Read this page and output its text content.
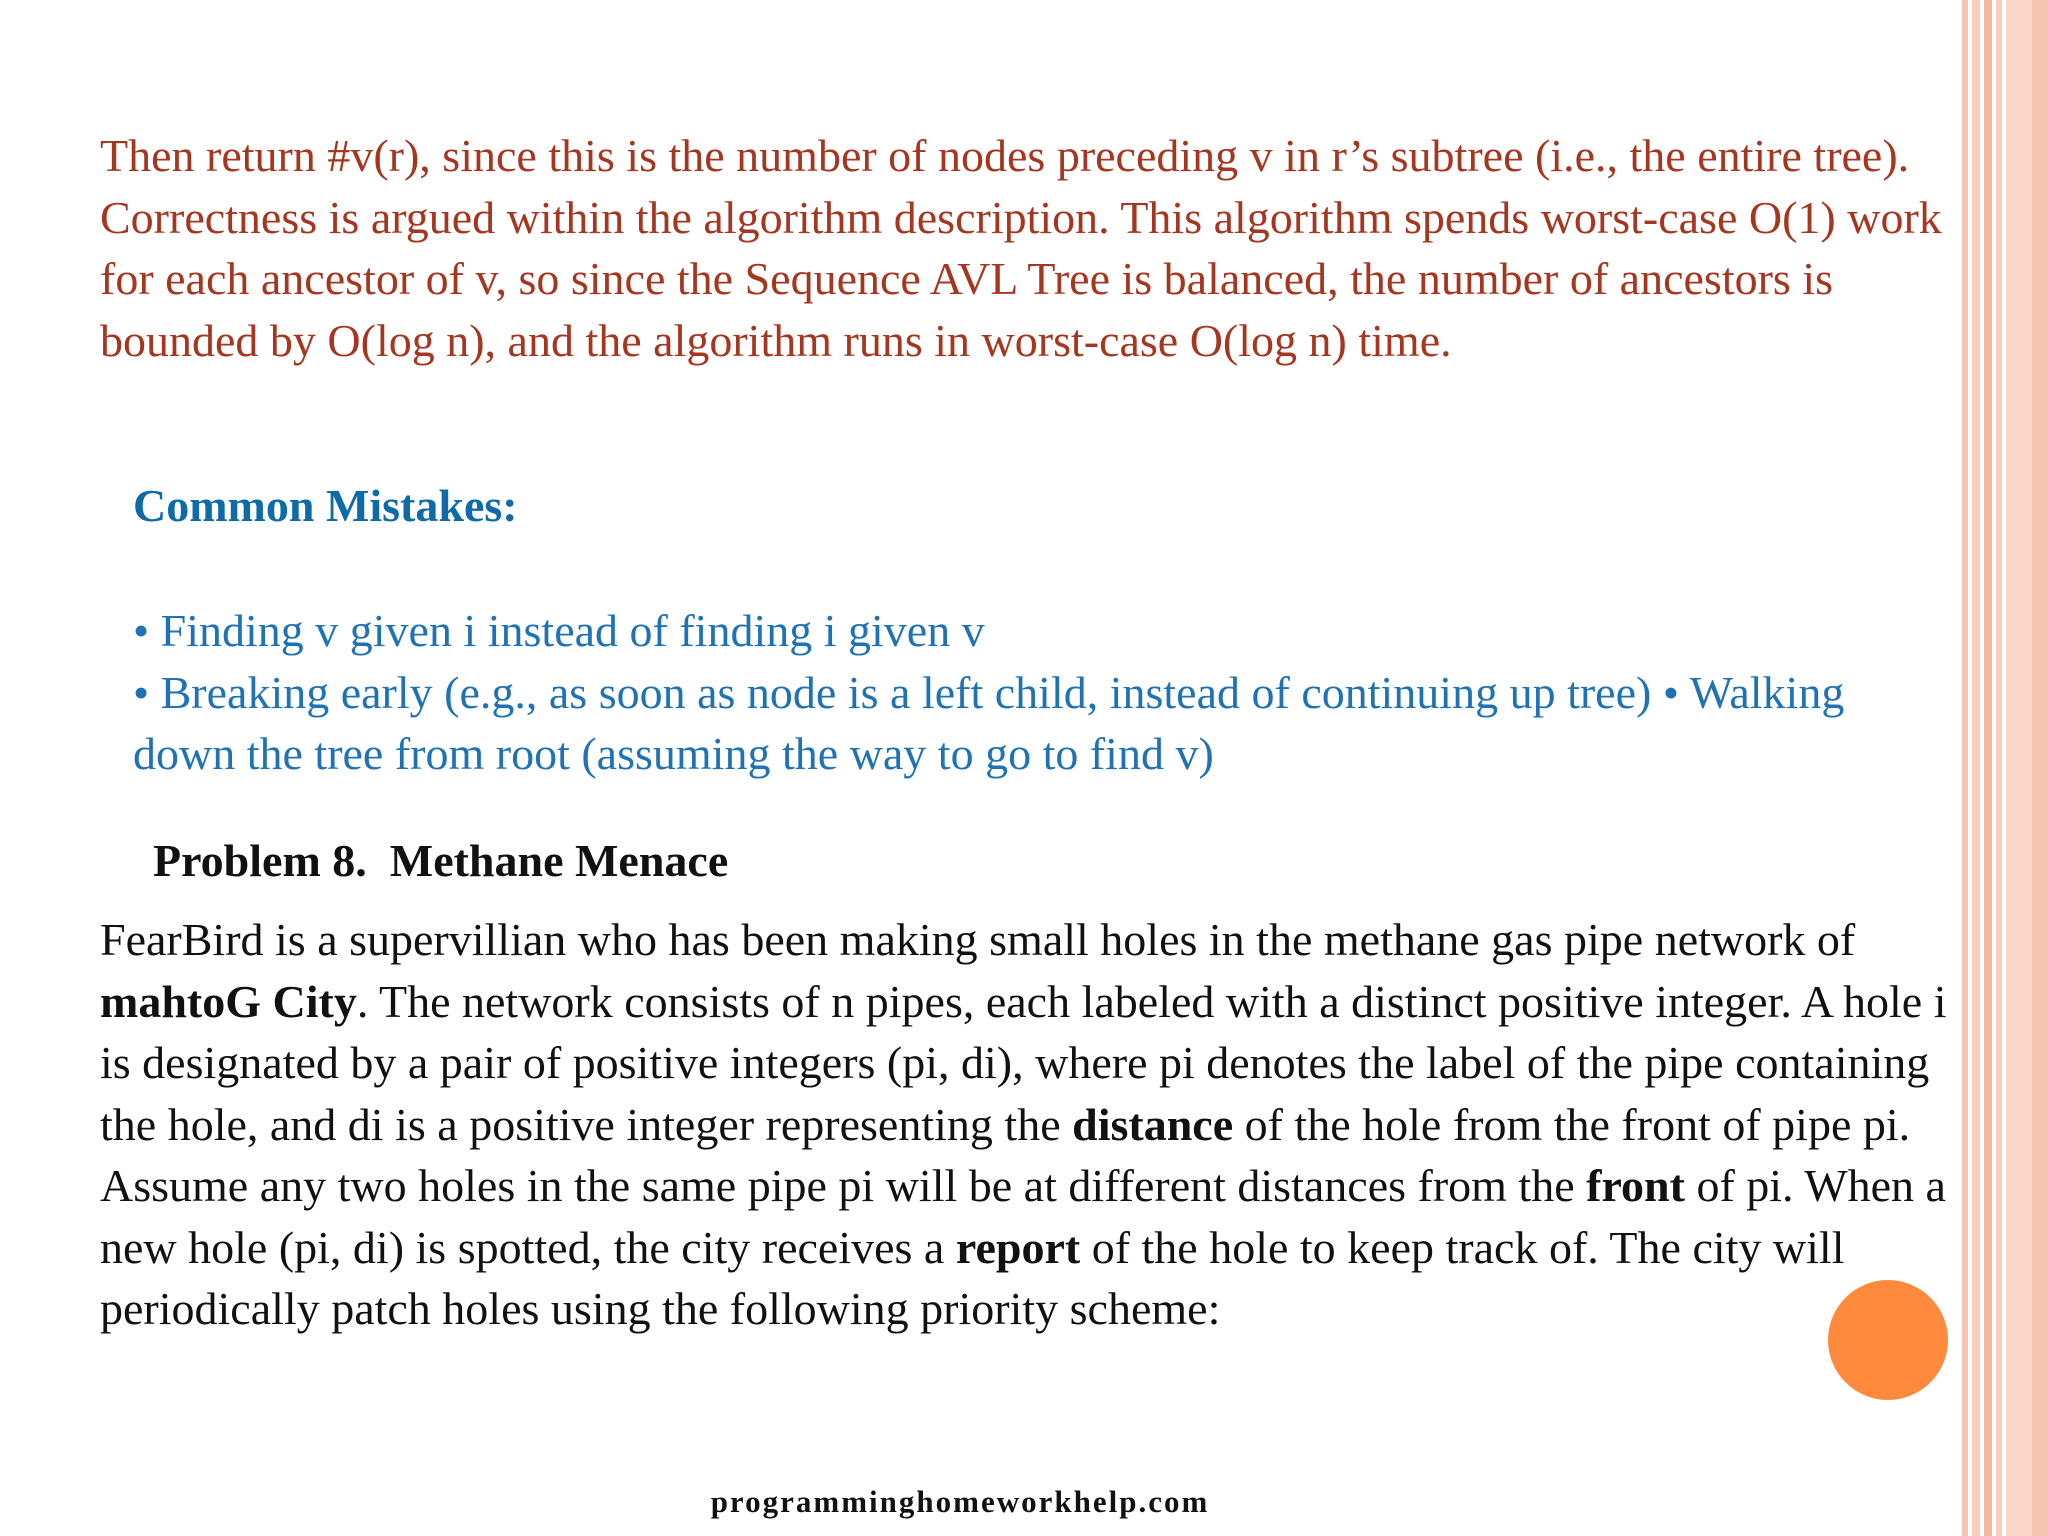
Then return #v(r), since this is the number of nodes preceding v in r’s subtree (i.e., the entire tree). Correctness is argued within the algorithm description. This algorithm spends worst-case O(1) work for each ancestor of v, so since the Sequence AVL Tree is balanced, the number of ancestors is bounded by O(log n), and the algorithm runs in worst-case O(log n) time.

Common Mistakes:
• Finding v given i instead of finding i given v
• Breaking early (e.g., as soon as node is a left child, instead of continuing up tree) • Walking down the tree from root (assuming the way to go to find v)
Problem 8.  Methane Menace

FearBird is a supervillian who has been making small holes in the methane gas pipe network of mahtoG City. The network consists of n pipes, each labeled with a distinct positive integer. A hole i is designated by a pair of positive integers (pi, di), where pi denotes the label of the pipe containing the hole, and di is a positive integer representing the distance of the hole from the front of pipe pi. Assume any two holes in the same pipe pi will be at different distances from the front of pi. When a new hole (pi, di) is spotted, the city receives a report of the hole to keep track of. The city will periodically patch holes using the following priority scheme:

programminghomeworkhelp.com
